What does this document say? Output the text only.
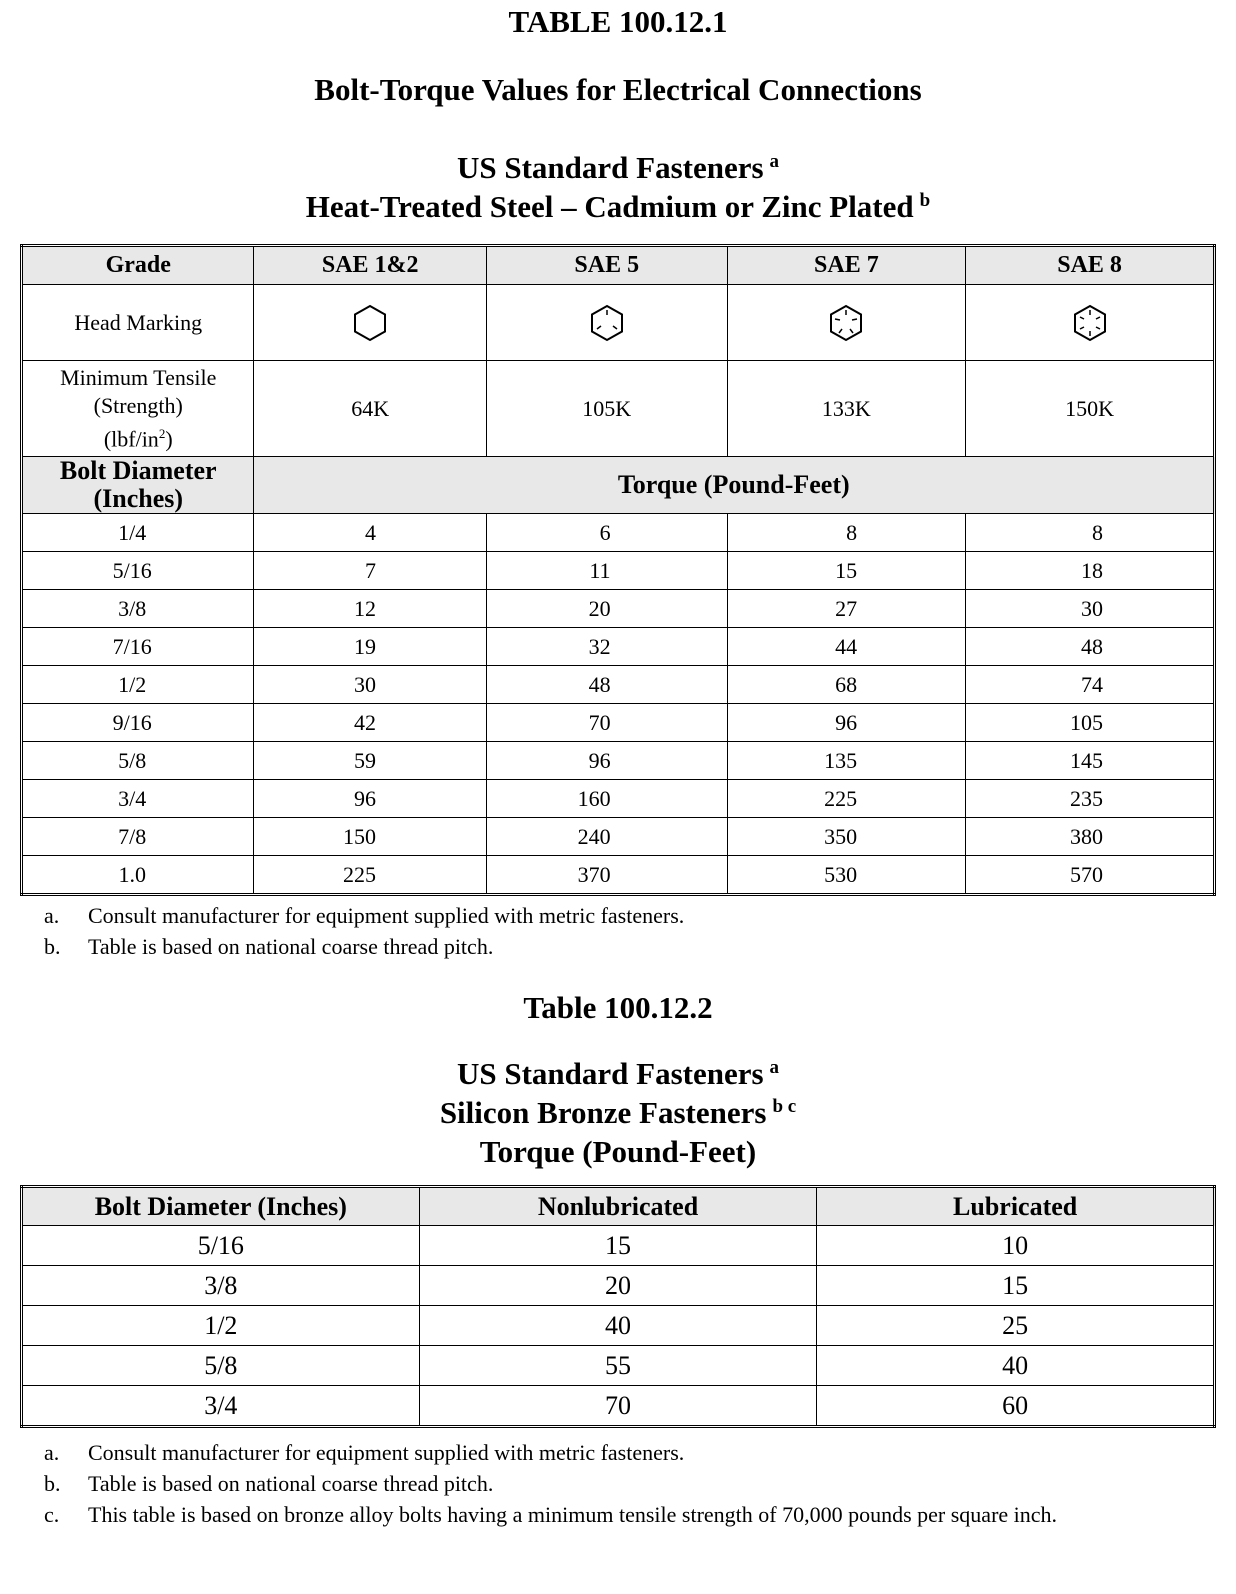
TABLE 100.12.1
Bolt-Torque Values for Electrical Connections
US Standard Fasteners $^a$
Heat-Treated Steel – Cadmium or Zinc Plated $^b$
Grade	SAE 1&2	SAE 5	SAE 7	SAE 8
Head Marking				

Minimum Tensile
(Strength)
$(lbf/in^2)$	64K	105K	133K	150K

Bolt Diameter
(Inches)	Torque (Pound-Feet)			
1/4	4	6	8	8
5/16	7	11	15	18
3/8	12	20	27	30
7/16	19	32	44	48
1/2	30	48	68	74
9/16	42	70	96	105
5/8	59	96	135	145
3/4	96	160	225	235
7/8	150	240	350	380
1.0	225	370	530	570
a. Consult manufacturer for equipment supplied with metric fasteners.
b. Table is based on national coarse thread pitch.
Table 100.12.2
US Standard Fasteners $^a$
Silicon Bronze Fasteners $^{b c}$
Torque (Pound-Feet)
Bolt Diameter (Inches)	Nonlubricated	Lubricated
5/16	15	10
3/8	20	15
1/2	40	25
5/8	55	40
3/4	70	60
a. Consult manufacturer for equipment supplied with metric fasteners.
b. Table is based on national coarse thread pitch.
c. This table is based on bronze alloy bolts having a minimum tensile strength of 70,000 pounds per square inch.
